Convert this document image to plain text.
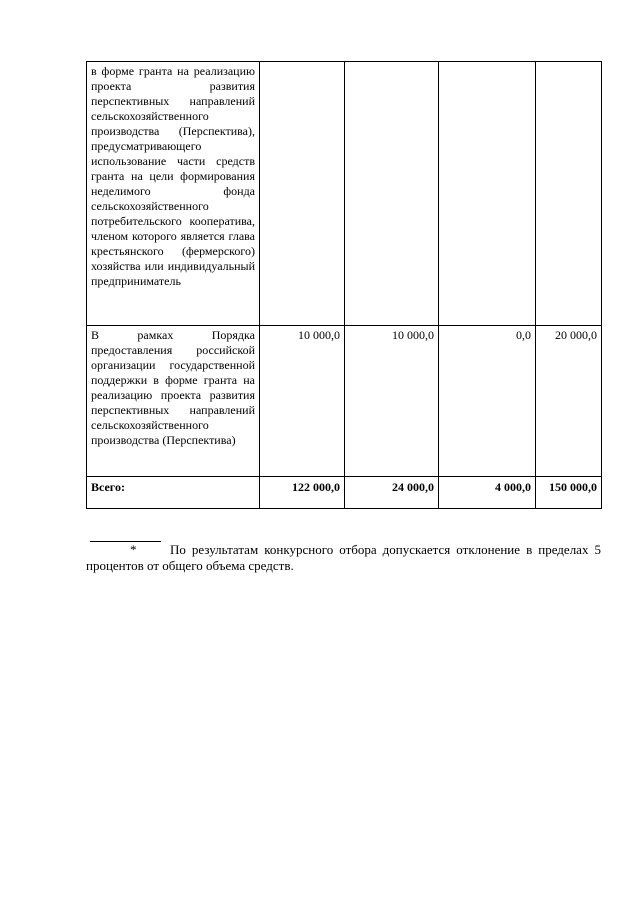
в форме гранта на реализацию проекта развития перспективных направлений сельскохозяйственного производства (Перспектива), предусматривающего использование части средств гранта на цели формирования неделимого фонда сельскохозяйственного потребительского кооператива, членом которого является глава крестьянского (фермерского) хозяйства или индивидуальный предприниматель				
В рамках Порядка предоставления российской организации государственной поддержки в форме гранта на реализацию проекта развития перспективных направлений сельскохозяйственного производства (Перспектива)	10 000,0	10 000,0	0,0	20 000,0
Всего:	122 000,0	24 000,0	4 000,0	150 000,0

*	По результатам конкурсного отбора допускается отклонение в пределах 5 процентов от общего объема средств.
